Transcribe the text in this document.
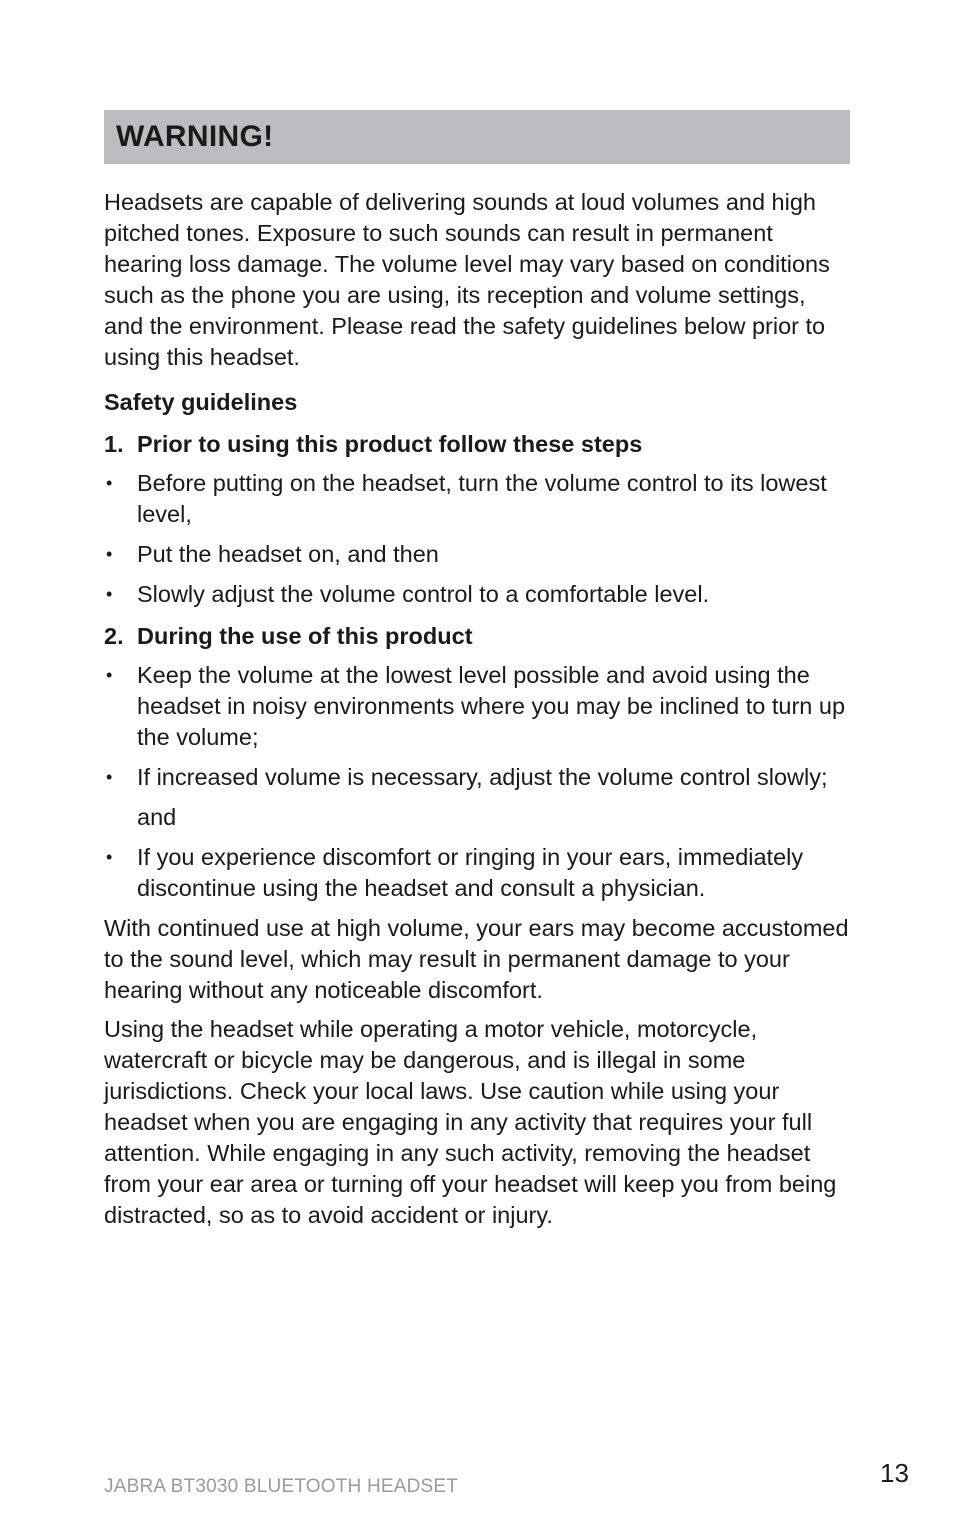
WARNING!

Headsets are capable of delivering sounds at loud volumes and high pitched tones. Exposure to such sounds can result in permanent hearing loss damage. The volume level may vary based on conditions such as the phone you are using, its reception and volume settings, and the environment. Please read the safety guidelines below prior to using this headset.

Safety guidelines

1. Prior to using this product follow these steps
•	Before putting on the headset, turn the volume control to its lowest level,
•	Put the headset on, and then
•	Slowly adjust the volume control to a comfortable level.
2. During the use of this product
•	Keep the volume at the lowest level possible and avoid using the headset in noisy environments where you may be inclined to turn up the volume;
•	If increased volume is necessary, adjust the volume control slowly;
and
•	If you experience discomfort or ringing in your ears, immediately discontinue using the headset and consult a physician.

With continued use at high volume, your ears may become accustomed to the sound level, which may result in permanent damage to your hearing without any noticeable discomfort.

Using the headset while operating a motor vehicle, motorcycle, watercraft or bicycle may be dangerous, and is illegal in some jurisdictions. Check your local laws. Use caution while using your headset when you are engaging in any activity that requires your full attention. While engaging in any such activity, removing the headset from your ear area or turning off your headset will keep you from being distracted, so as to avoid accident or injury.

JABRA BT3030 BLUETOOTH HEADSET	13
